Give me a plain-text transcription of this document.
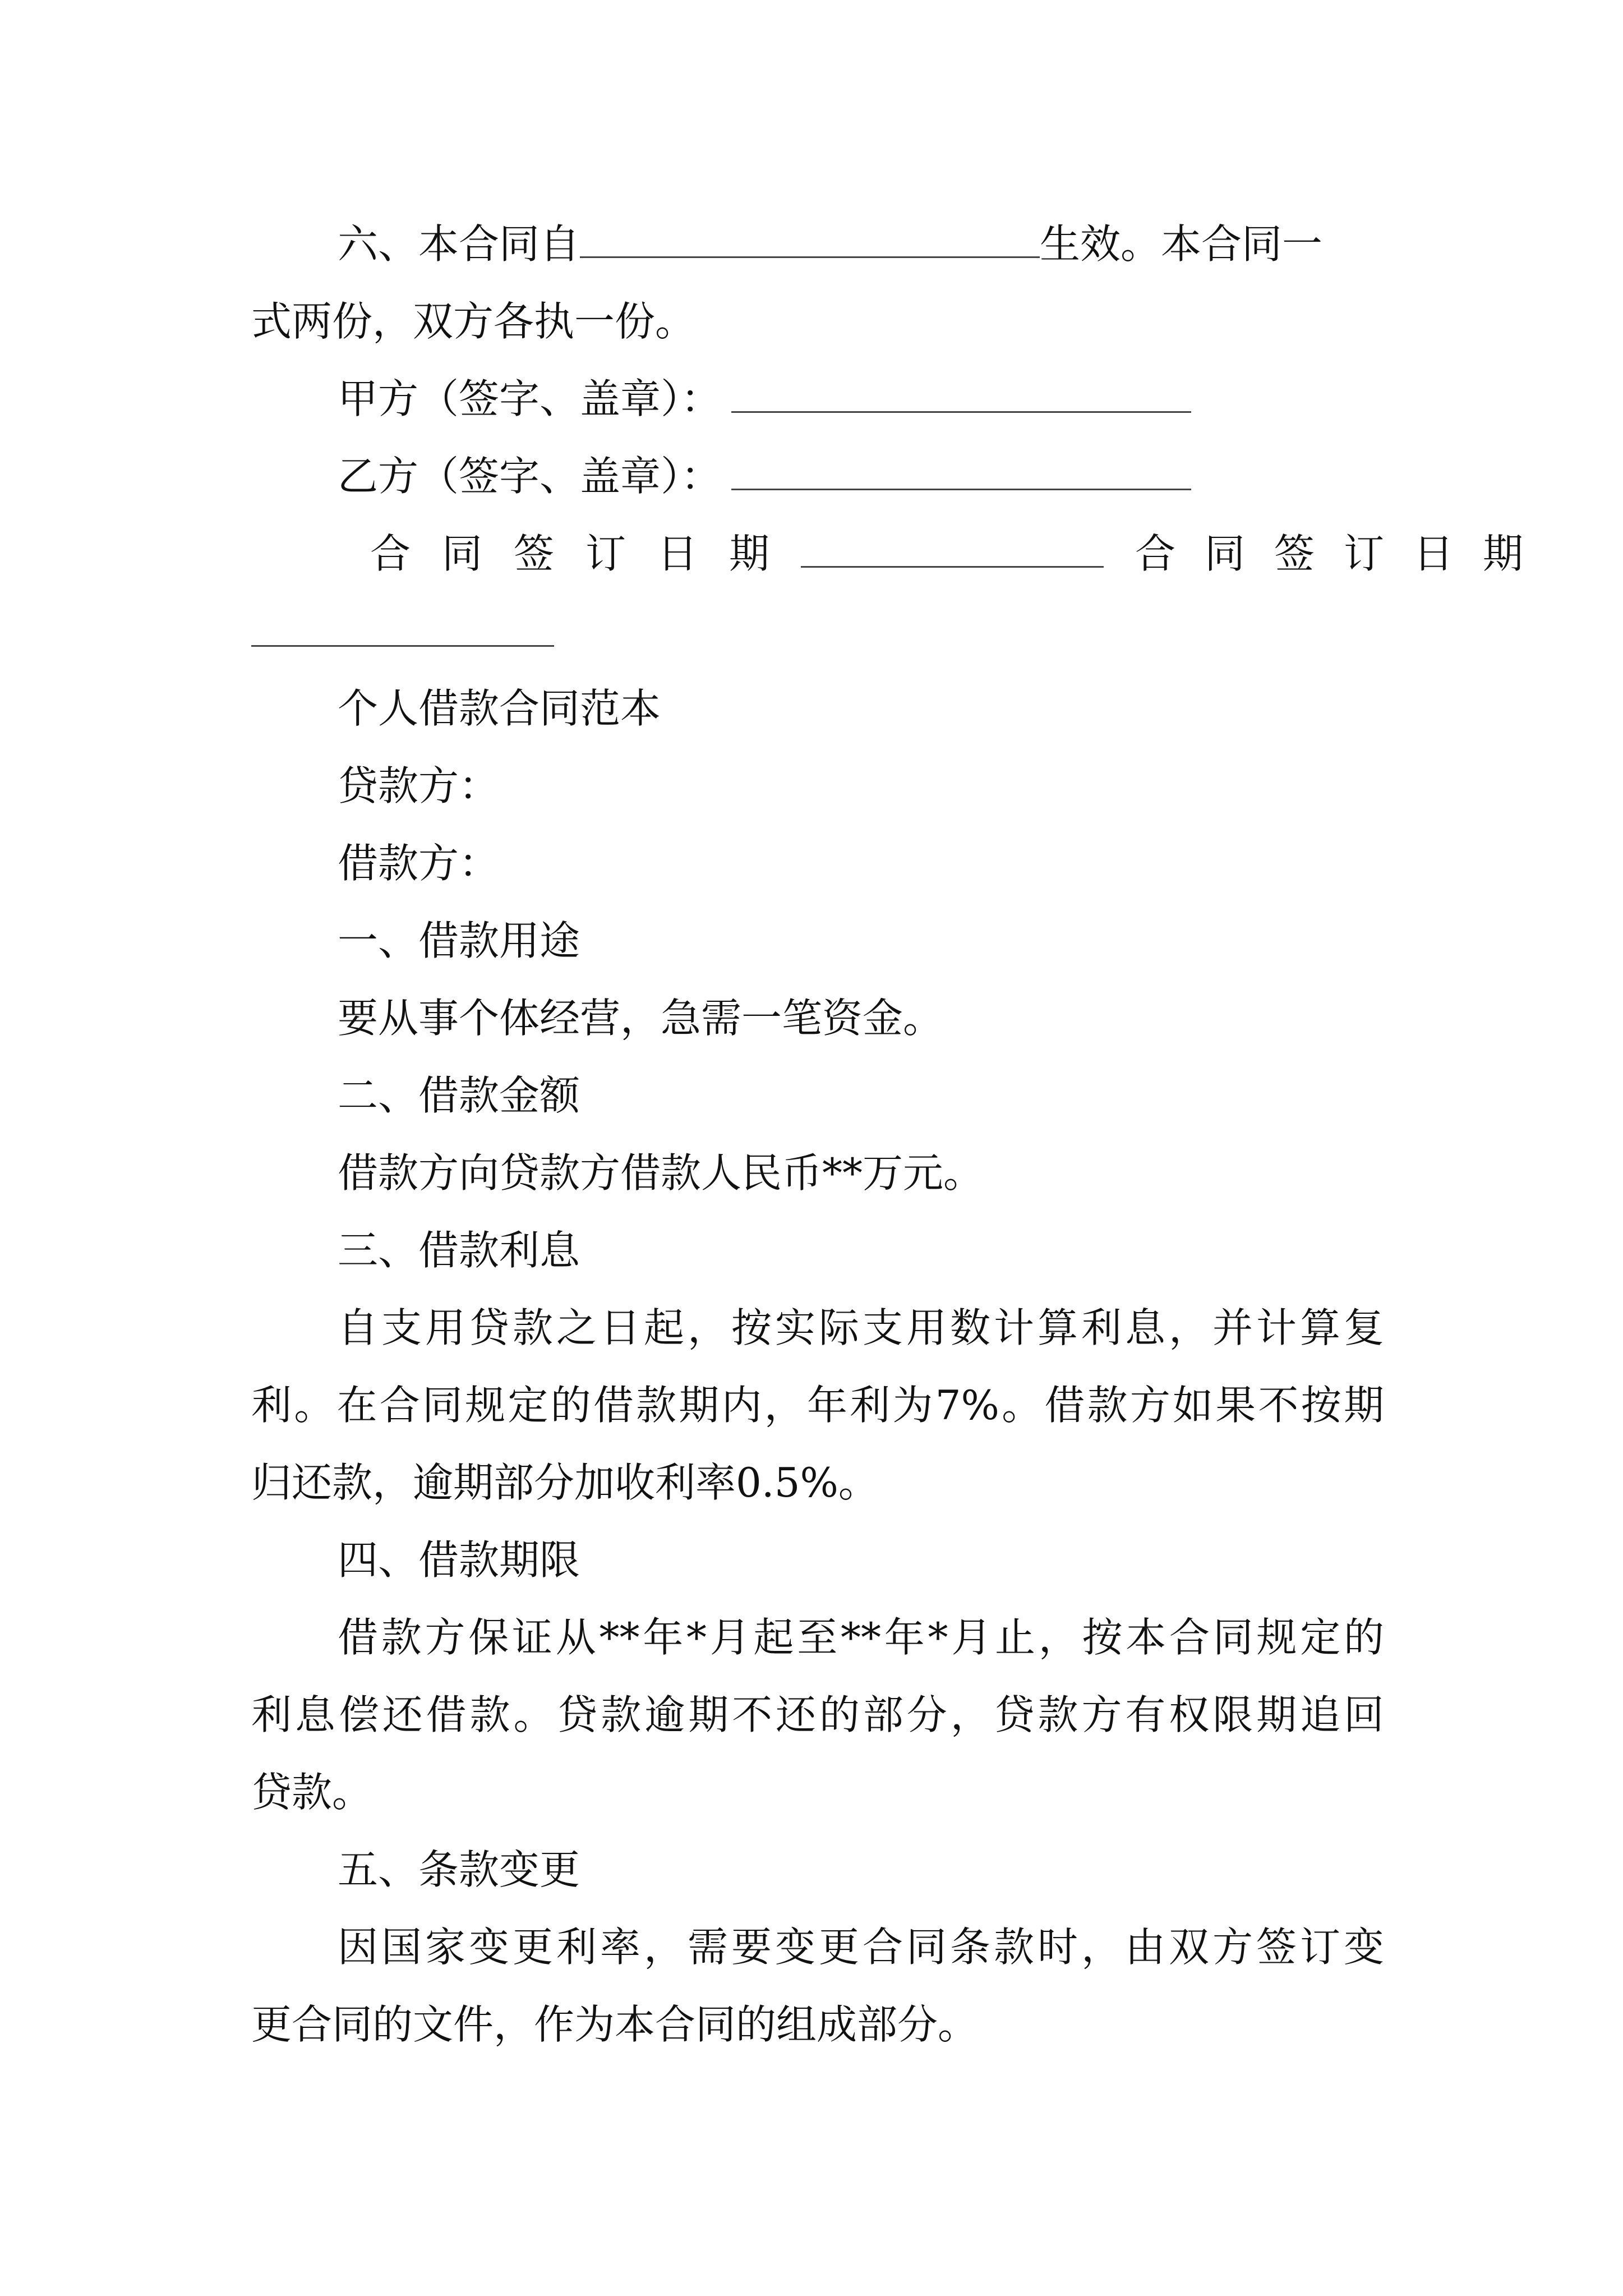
六、本合同自	生效。本合同一
式两份，双方各执一份。
甲方（签字、盖章）：
乙方（签字、盖章）：
合同签订日期	合同签订日期
个人借款合同范本
贷款方：
借款方：
一、借款用途
要从事个体经营，急需一笔资金。
二、借款金额
借款方向贷款方借款人民币**万元。
三、借款利息
自支用贷款之日起，按实际支用数计算利息，并计算复
利。在合同规定的借款期内，年利为7%。借款方如果不按期
归还款，逾期部分加收利率0.5%。
四、借款期限
借款方保证从**年*月起至**年*月止，按本合同规定的
利息偿还借款。贷款逾期不还的部分，贷款方有权限期追回
贷款。
五、条款变更
因国家变更利率，需要变更合同条款时，由双方签订变
更合同的文件，作为本合同的组成部分。
